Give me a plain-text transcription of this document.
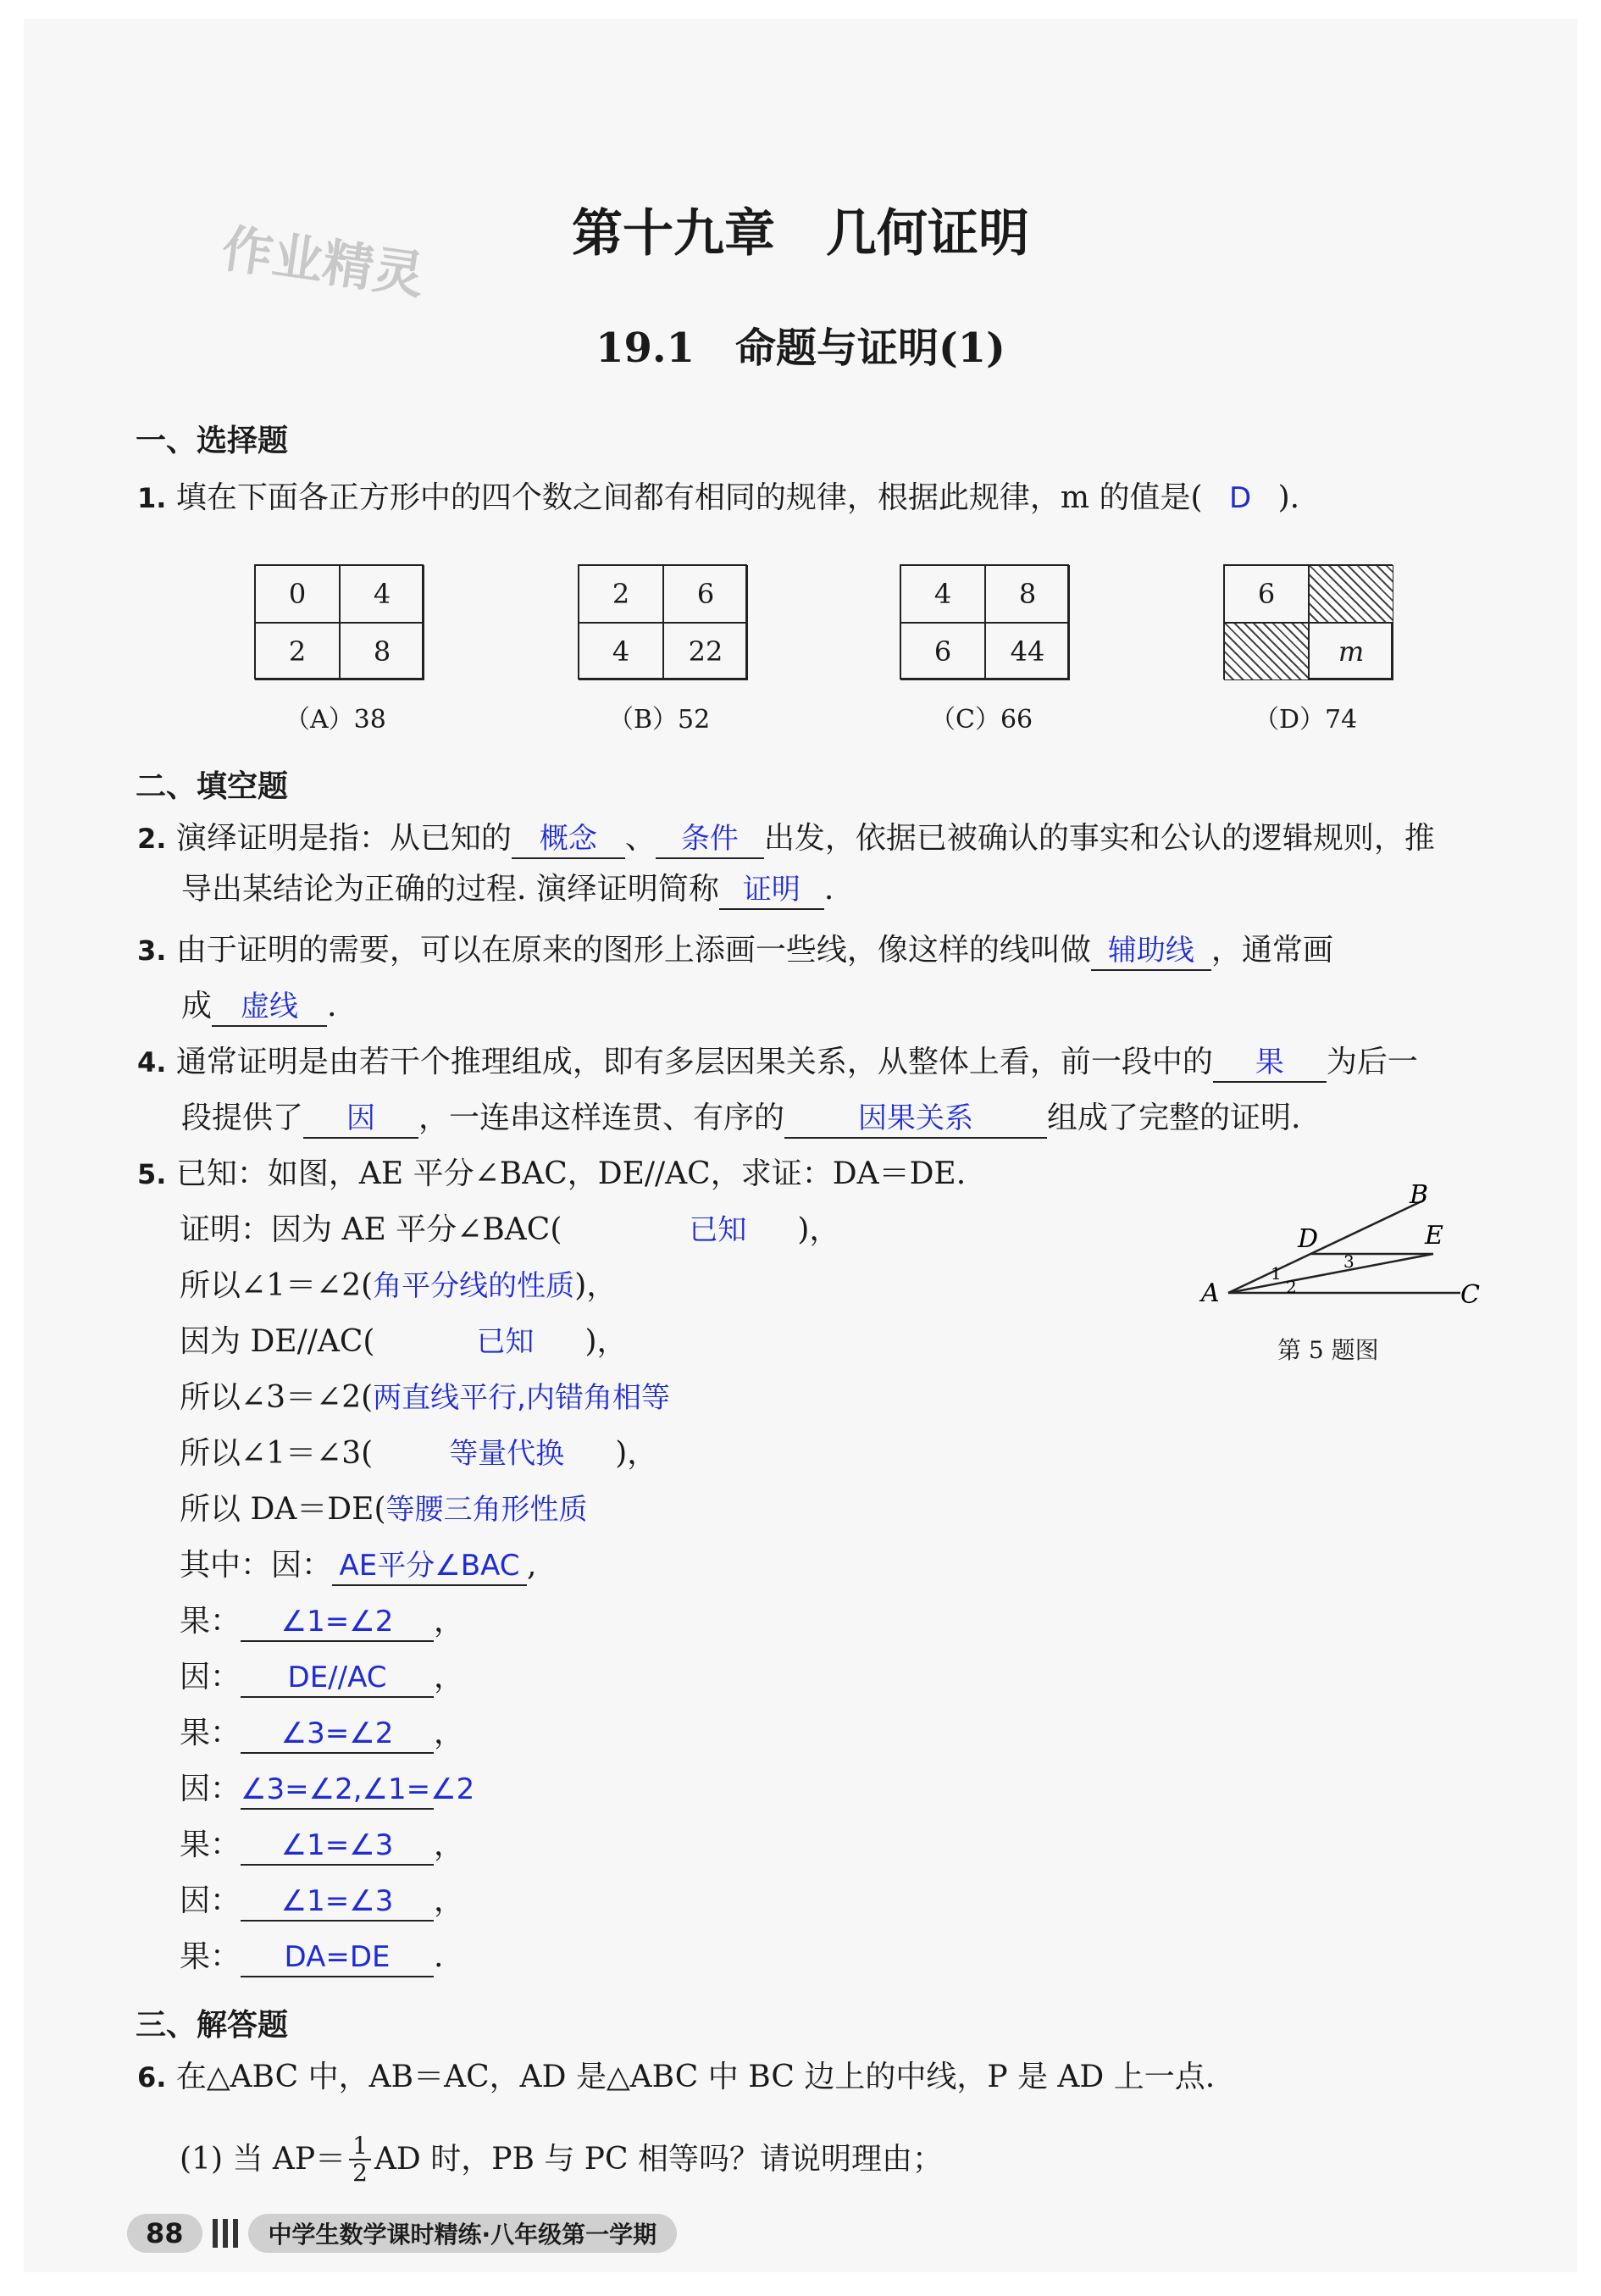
作业精灵	第十九章　几何证明
19.1　命题与证明(1)
一、选择题
1. 填在下面各正方形中的四个数之间都有相同的规律，根据此规律，m 的值是( D ).
0	4
2	8
（A）38
2	6
4	22
（B）52
4	8
6	44
（C）66
6
m
（D）74
二、填空题
2. 演绎证明是指：从已知的 概念 、 条件 出发，依据已被确认的事实和公认的逻辑规则，推
导出某结论为正确的过程. 演绎证明简称 证明 .
3. 由于证明的需要，可以在原来的图形上添画一些线，像这样的线叫做 辅助线 ，通常画
成 虚线 .
4. 通常证明是由若干个推理组成，即有多层因果关系，从整体上看，前一段中的 果 为后一
段提供了 因 ，一连串这样连贯、有序的	因果关系 组成了完整的证明.
5. 已知：如图，AE 平分∠BAC，DE//AC，求证：DA＝DE.
证明：因为 AE 平分∠BAC(	已知 )，
所以∠1＝∠2(角平分线的性质)，
因为 DE//AC(	已知 )，
所以∠3＝∠2(两直线平行,内错角相等
所以∠1＝∠3(	等量代换 )，
所以 DA＝DE(等腰三角形性质
其中：因： AE平分∠BAC ,
果： ∠1=∠2 ，
因： DE//AC ，
果： ∠3=∠2 ，
因：∠3=∠2,∠1=∠2
果： ∠1=∠3 ，
因： ∠1=∠3 ，
果： DA=DE .
A
B
C
D	E
1
2
3
第 5 题图
三、解答题
6. 在△ABC 中，AB＝AC，AD 是△ABC 中 BC 边上的中线，P 是 AD 上一点.
(1) 当 $AP= \frac{1}{2}$ AD 时，PB 与 PC 相等吗？请说明理由；
88	中学生数学课时精练·八年级第一学期
